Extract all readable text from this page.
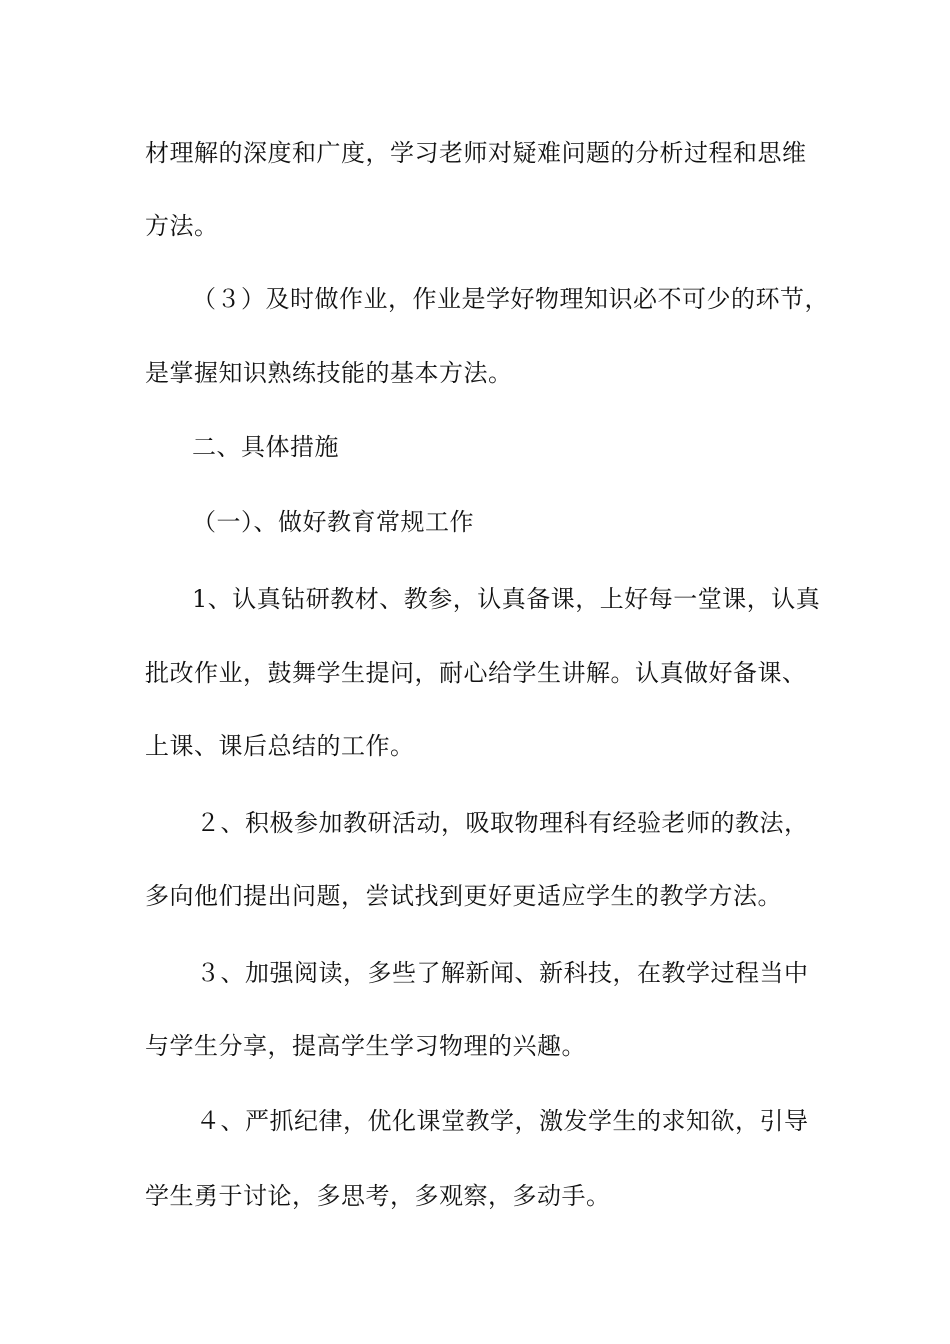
材理解的深度和广度，学习老师对疑难问题的分析过程和思维
方法。
（３）及时做作业，作业是学好物理知识必不可少的环节，
是掌握知识熟练技能的基本方法。
二、具体措施
（一）、做好教育常规工作
1、认真钻研教材、教参，认真备课，上好每一堂课，认真
批改作业，鼓舞学生提问，耐心给学生讲解。认真做好备课、
上课、课后总结的工作。
２、积极参加教研活动，吸取物理科有经验老师的教法，
多向他们提出问题，尝试找到更好更适应学生的教学方法。
３、加强阅读，多些了解新闻、新科技，在教学过程当中
与学生分享，提高学生学习物理的兴趣。
４、严抓纪律，优化课堂教学，激发学生的求知欲，引导
学生勇于讨论，多思考，多观察，多动手。
